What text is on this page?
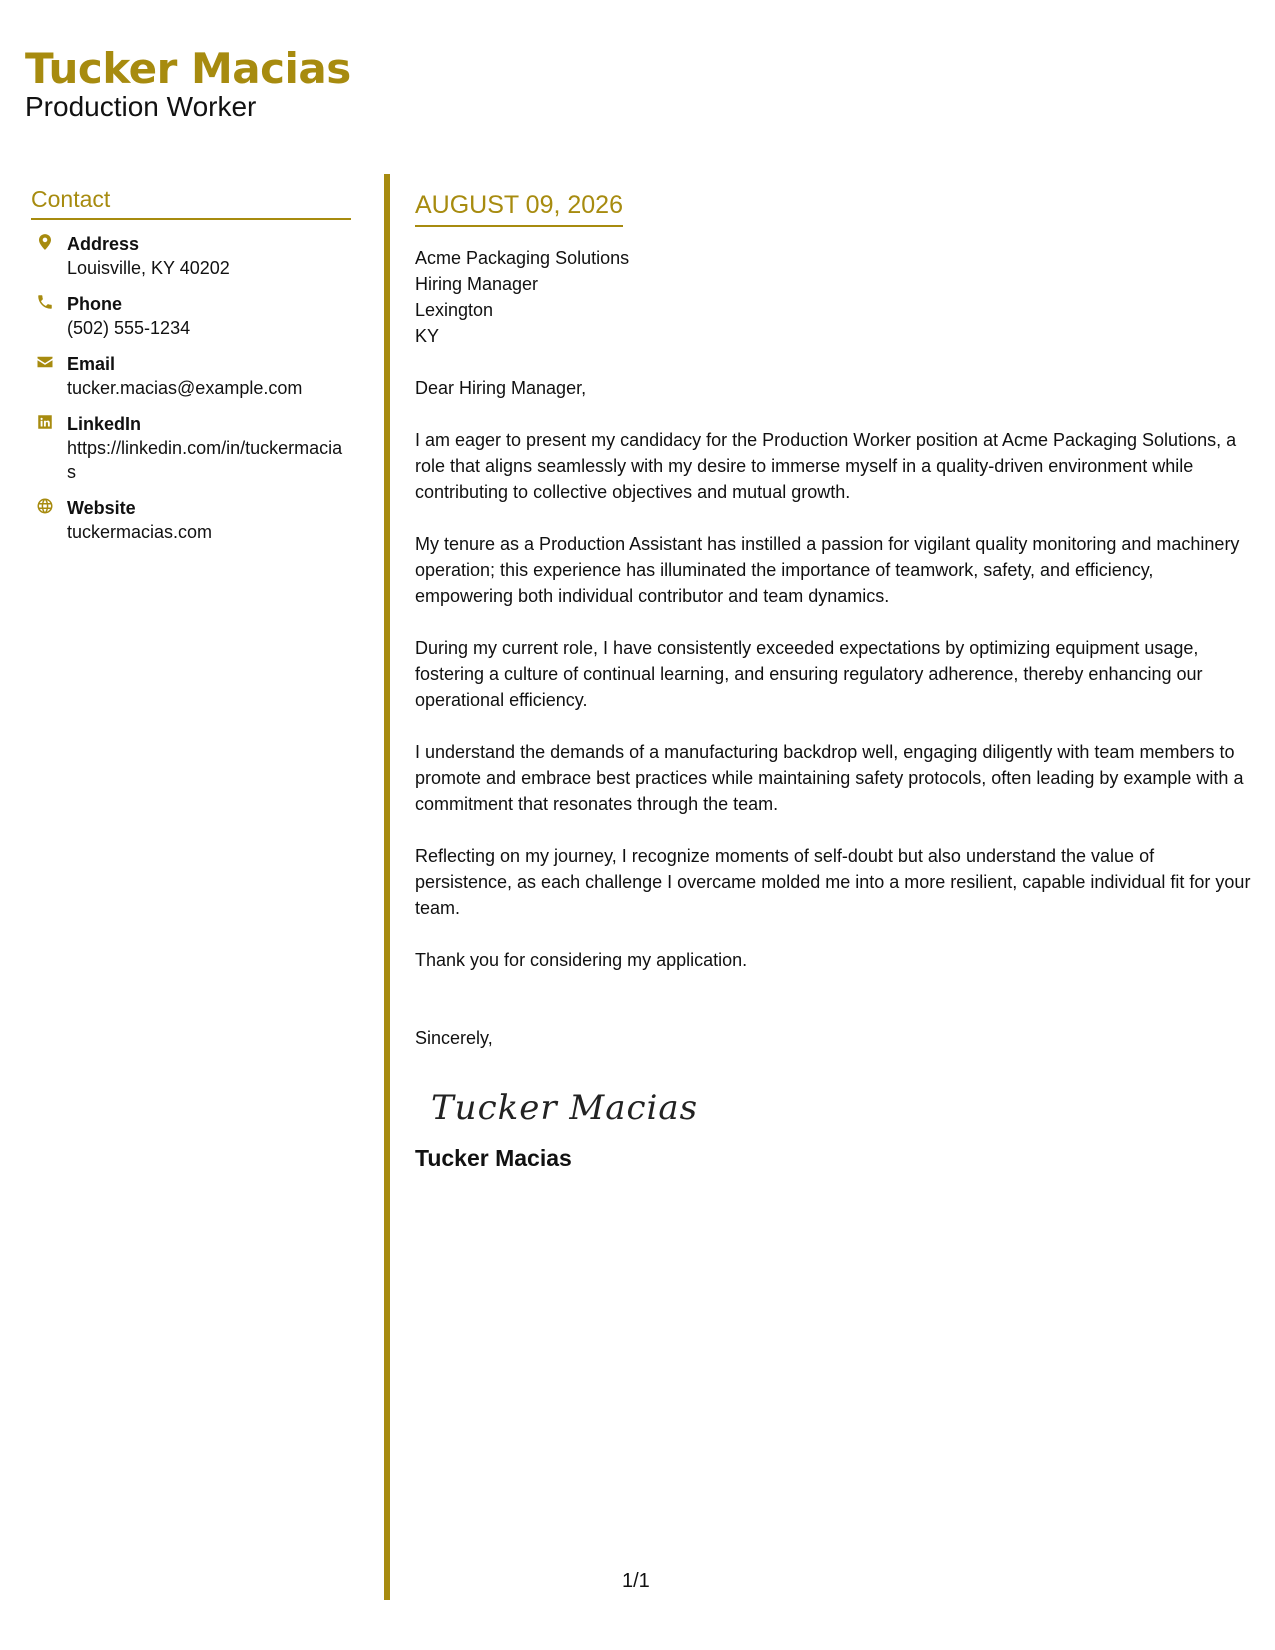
Tucker Macias
Production Worker
Contact
Address
Louisville, KY 40202
Phone
(502) 555-1234
Email
tucker.macias@example.com
LinkedIn
https://linkedin.com/in/tuckermacias
Website
tuckermacias.com
AUGUST 09, 2026
Acme Packaging Solutions
Hiring Manager
Lexington
KY
Dear Hiring Manager,
I am eager to present my candidacy for the Production Worker position at Acme Packaging Solutions, a role that aligns seamlessly with my desire to immerse myself in a quality-driven environment while contributing to collective objectives and mutual growth.
My tenure as a Production Assistant has instilled a passion for vigilant quality monitoring and machinery operation; this experience has illuminated the importance of teamwork, safety, and efficiency, empowering both individual contributor and team dynamics.
During my current role, I have consistently exceeded expectations by optimizing equipment usage, fostering a culture of continual learning, and ensuring regulatory adherence, thereby enhancing our operational efficiency.
I understand the demands of a manufacturing backdrop well, engaging diligently with team members to promote and embrace best practices while maintaining safety protocols, often leading by example with a commitment that resonates through the team.
Reflecting on my journey, I recognize moments of self-doubt but also understand the value of persistence, as each challenge I overcame molded me into a more resilient, capable individual fit for your team.
Thank you for considering my application.
Sincerely,
Tucker Macias
Tucker Macias
1/1
